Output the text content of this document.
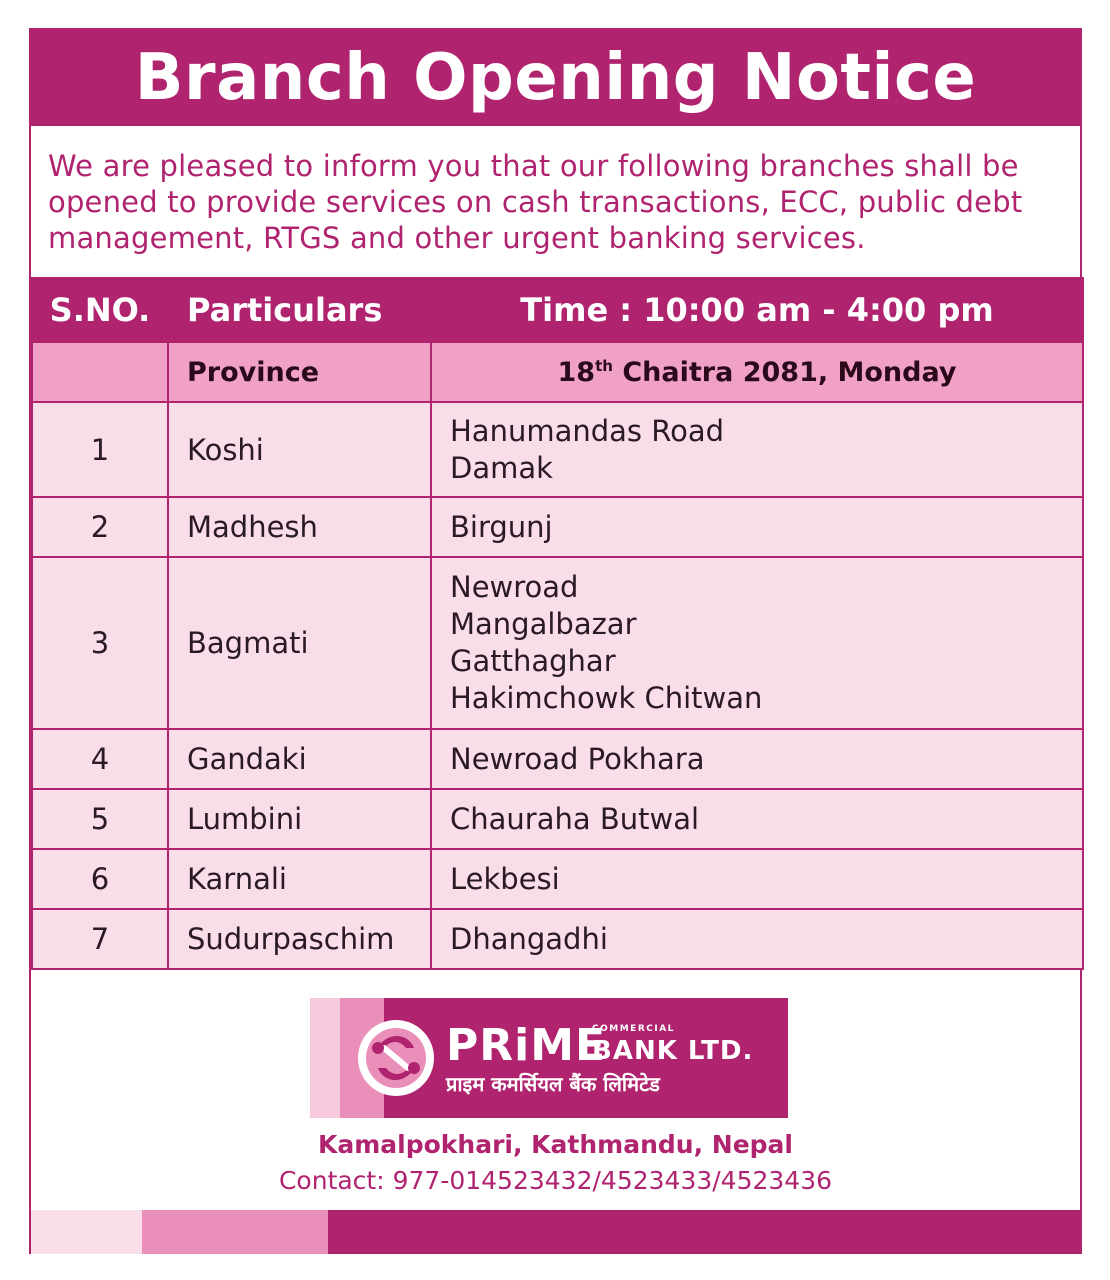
Branch Opening Notice
We are pleased to inform you that our following branches shall be
opened to provide services on cash transactions, ECC, public debt
management, RTGS and other urgent banking services.
S.NO.	Particulars	Time : 10:00 am - 4:00 pm
	Province	18th Chaitra 2081, Monday
1	Koshi	Hanumandas Road
Damak

2	Madhesh	Birgunj

3	Bagmati	Newroad
Mangalbazar
Gatthaghar
Hakimchowk Chitwan

4	Gandaki	Newroad Pokhara

5	Lumbini	Chauraha Butwal

6	Karnali	Lekbesi

7	Sudurpaschim	Dhangadhi
PRiME
COMMERCIAL
BANK LTD.
प्राइम कमर्सियल बैंक लिमिटेड
Kamalpokhari, Kathmandu, Nepal
Contact: 977-014523432/4523433/4523436
